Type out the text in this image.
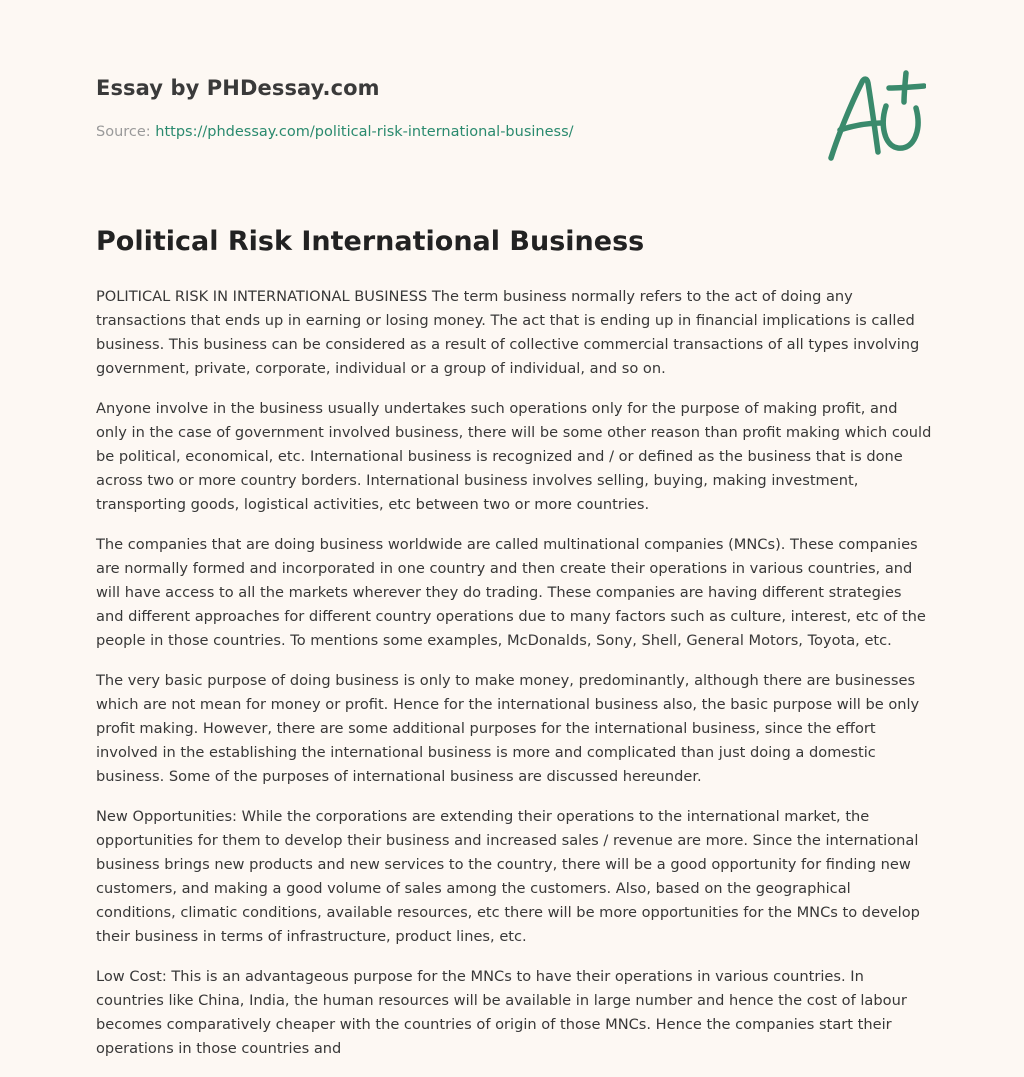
Essay by PHDessay.com
Source: https://phdessay.com/political-risk-international-business/
Political Risk International Business

POLITICAL RISK IN INTERNATIONAL BUSINESS The term business normally refers to the act of doing any transactions that ends up in earning or losing money. The act that is ending up in financial implications is called business. This business can be considered as a result of collective commercial transactions of all types involving government, private, corporate, individual or a group of individual, and so on.

Anyone involve in the business usually undertakes such operations only for the purpose of making profit, and only in the case of government involved business, there will be some other reason than profit making which could be political, economical, etc. International business is recognized and / or defined as the business that is done across two or more country borders. International business involves selling, buying, making investment, transporting goods, logistical activities, etc between two or more countries.

The companies that are doing business worldwide are called multinational companies (MNCs). These companies are normally formed and incorporated in one country and then create their operations in various countries, and will have access to all the markets wherever they do trading. These companies are having different strategies and different approaches for different country operations due to many factors such as culture, interest, etc of the people in those countries. To mentions some examples, McDonalds, Sony, Shell, General Motors, Toyota, etc.

The very basic purpose of doing business is only to make money, predominantly, although there are businesses which are not mean for money or profit. Hence for the international business also, the basic purpose will be only profit making. However, there are some additional purposes for the international business, since the effort involved in the establishing the international business is more and complicated than just doing a domestic business. Some of the purposes of international business are discussed hereunder.

New Opportunities: While the corporations are extending their operations to the international market, the opportunities for them to develop their business and increased sales / revenue are more. Since the international business brings new products and new services to the country, there will be a good opportunity for finding new customers, and making a good volume of sales among the customers. Also, based on the geographical conditions, climatic conditions, available resources, etc there will be more opportunities for the MNCs to develop their business in terms of infrastructure, product lines, etc.

Low Cost: This is an advantageous purpose for the MNCs to have their operations in various countries. In countries like China, India, the human resources will be available in large number and hence the cost of labour becomes comparatively cheaper with the countries of origin of those MNCs. Hence the companies start their operations in those countries and
